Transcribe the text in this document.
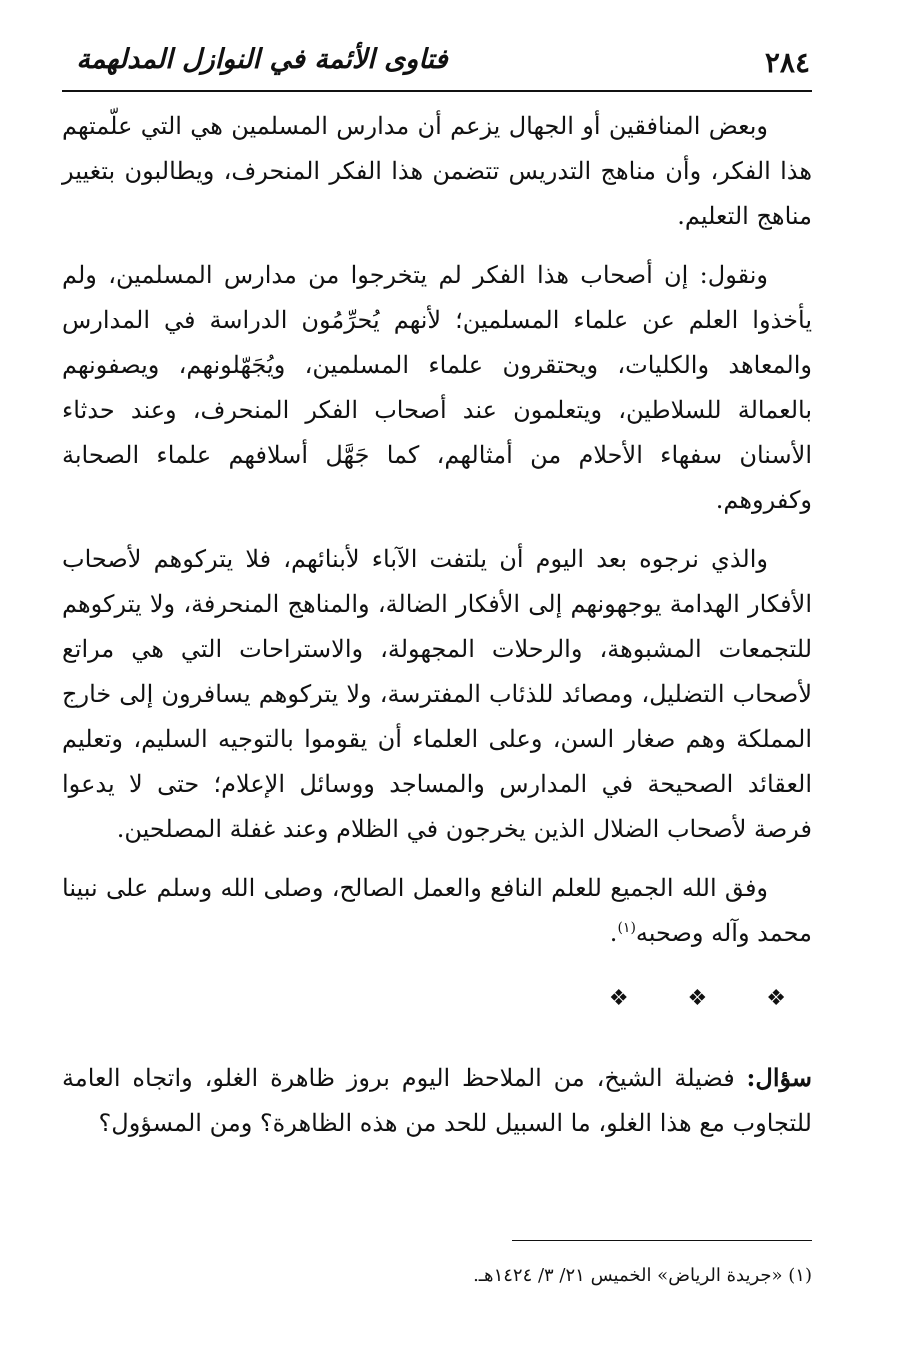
٢٨٤
فتاوى الأئمة في النوازل المدلهمة

وبعض المنافقين أو الجهال يزعم أن مدارس المسلمين هي التي علّمتهم هذا الفكر، وأن مناهج التدريس تتضمن هذا الفكر المنحرف، ويطالبون بتغيير مناهج التعليم.

ونقول: إن أصحاب هذا الفكر لم يتخرجوا من مدارس المسلمين، ولم يأخذوا العلم عن علماء المسلمين؛ لأنهم يُحرِّمُون الدراسة في المدارس والمعاهد والكليات، ويحتقرون علماء المسلمين، ويُجَهّلونهم، ويصفونهم بالعمالة للسلاطين، ويتعلمون عند أصحاب الفكر المنحرف، وعند حدثاء الأسنان سفهاء الأحلام من أمثالهم، كما جَهَّل أسلافهم علماء الصحابة وكفروهم.

والذي نرجوه بعد اليوم أن يلتفت الآباء لأبنائهم، فلا يتركوهم لأصحاب الأفكار الهدامة يوجهونهم إلى الأفكار الضالة، والمناهج المنحرفة، ولا يتركوهم للتجمعات المشبوهة، والرحلات المجهولة، والاستراحات التي هي مراتع لأصحاب التضليل، ومصائد للذئاب المفترسة، ولا يتركوهم يسافرون إلى خارج المملكة وهم صغار السن، وعلى العلماء أن يقوموا بالتوجيه السليم، وتعليم العقائد الصحيحة في المدارس والمساجد ووسائل الإعلام؛ حتى لا يدعوا فرصة لأصحاب الضلال الذين يخرجون في الظلام وعند غفلة المصلحين.

وفق الله الجميع للعلم النافع والعمل الصالح، وصلى الله وسلم على نبينا محمد وآله وصحبه$^{(١)}$.

❖ ❖ ❖

سؤال: فضيلة الشيخ، من الملاحظ اليوم بروز ظاهرة الغلو، واتجاه العامة للتجاوب مع هذا الغلو، ما السبيل للحد من هذه الظاهرة؟ ومن المسؤول؟

(١) «جريدة الرياض» الخميس ٢١/ ٣/ ١٤٢٤هـ.
